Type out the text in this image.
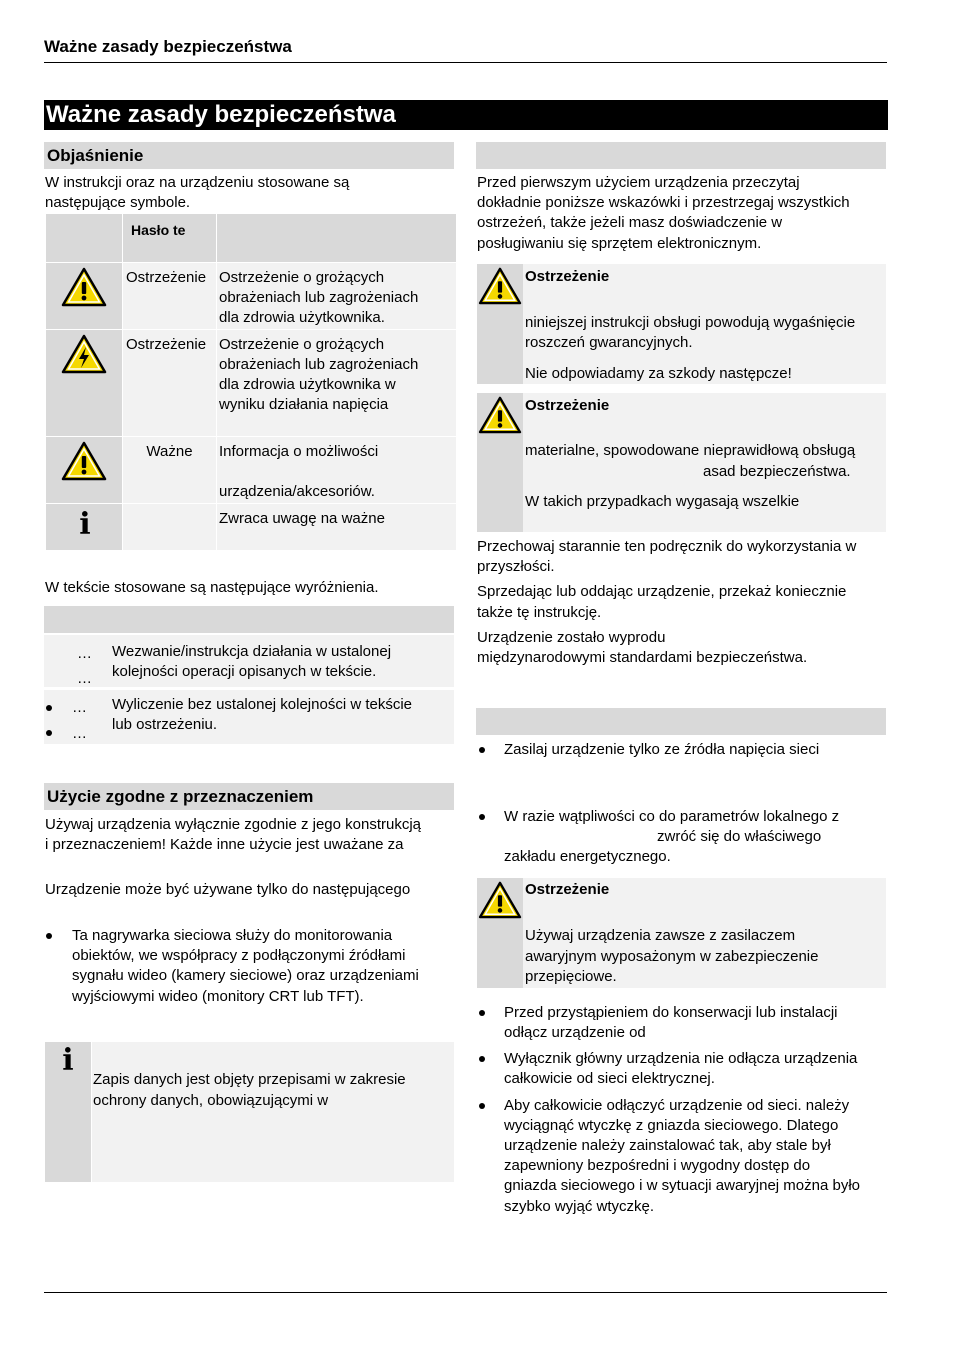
Ważne zasady bezpieczeństwa
Ważne zasady bezpieczeństwa
Objaśnienie
W instrukcji oraz na urządzeniu stosowane są
następujące symbole.
Hasło te
Ostrzeżenie Ostrzeżenie o grożących
obrażeniach lub zagrożeniach
dla zdrowia użytkownika.
Ostrzeżenie Ostrzeżenie o grożących
obrażeniach lub zagrożeniach
dla zdrowia użytkownika w
wyniku działania napięcia
Ważne	Informacja o możliwości
urządzenia/akcesoriów.
i	Zwraca uwagę na ważne
W tekście stosowane są następujące wyróżnienia.
…
…
Wezwanie/instrukcja działania w ustalonej
kolejności operacji opisanych w tekście.
…
…
Wyliczenie bez ustalonej kolejności w tekście
lub ostrzeżeniu.
Użycie zgodne z przeznaczeniem
Używaj urządzenia wyłącznie zgodnie z jego konstrukcją
i przeznaczeniem! Każde inne użycie jest uważane za
Urządzenie może być używane tylko do następującego
Ta nagrywarka sieciowa służy do monitorowania
obiektów, we współpracy z podłączonymi źródłami
sygnału wideo (kamery sieciowe) oraz urządzeniami
wyjściowymi wideo (monitory CRT lub TFT).
i
Zapis danych jest objęty przepisami w zakresie
ochrony danych, obowiązującymi w
Przed pierwszym użyciem urządzenia przeczytaj
dokładnie poniższe wskazówki i przestrzegaj wszystkich
ostrzeżeń, także jeżeli masz doświadczenie w
posługiwaniu się sprzętem elektronicznym.
Ostrzeżenie
niniejszej instrukcji obsługi powodują wygaśnięcie
roszczeń gwarancyjnych.
Nie odpowiadamy za szkody następcze!
Ostrzeżenie
materialne, spowodowane nieprawidłową obsługą
asad bezpieczeństwa.
W takich przypadkach wygasają wszelkie
Przechowaj starannie ten podręcznik do wykorzystania w
przyszłości.
Sprzedając lub oddając urządzenie, przekaż koniecznie
także tę instrukcję.
Urządzenie zostało wyprodu
międzynarodowymi standardami bezpieczeństwa.
Zasilaj urządzenie tylko ze źródła napięcia sieci
W razie wątpliwości co do parametrów lokalnego z
zwróć się do właściwego
zakładu energetycznego.
Ostrzeżenie
Używaj urządzenia zawsze z zasilaczem
awaryjnym wyposażonym w zabezpieczenie
przepięciowe.
Przed przystąpieniem do konserwacji lub instalacji
odłącz urządzenie od
Wyłącznik główny urządzenia nie odłącza urządzenia
całkowicie od sieci elektrycznej.
Aby całkowicie odłączyć urządzenie od sieci. należy
wyciągnąć wtyczkę z gniazda sieciowego. Dlatego
urządzenie należy zainstalować tak, aby stale był
zapewniony bezpośredni i wygodny dostęp do
gniazda sieciowego i w sytuacji awaryjnej można było
szybko wyjąć wtyczkę.
